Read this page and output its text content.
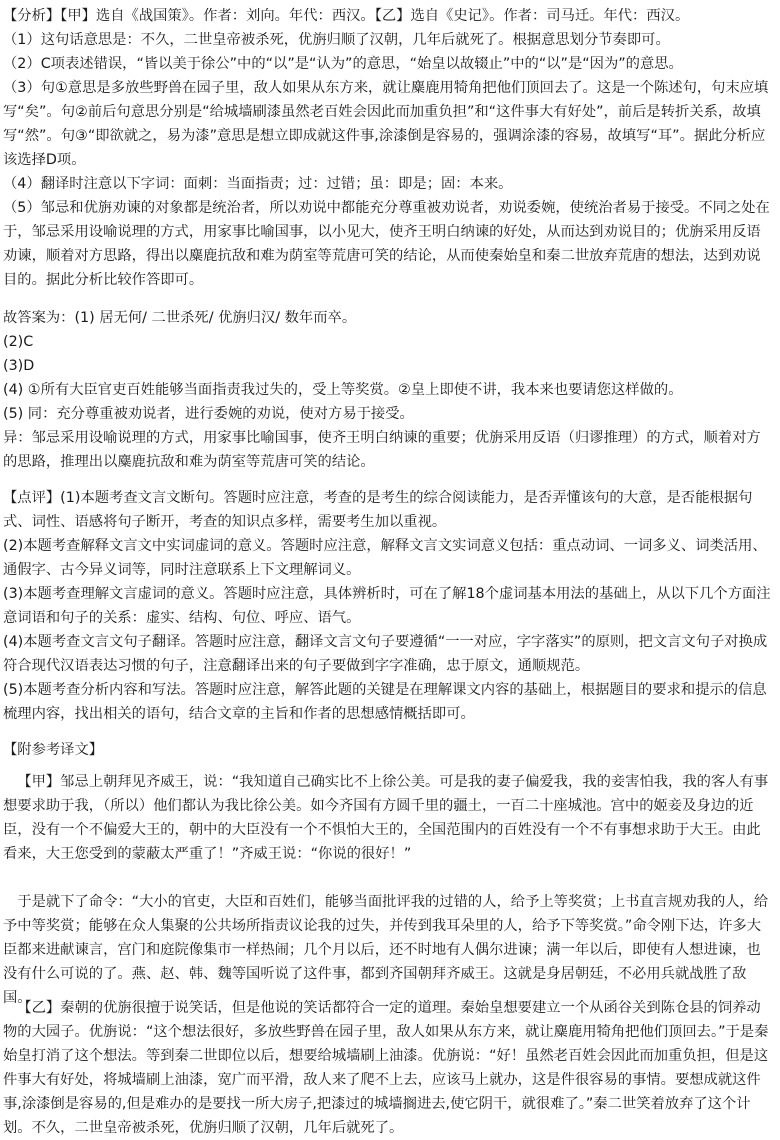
【分析】【甲】选自《战国策》。作者：刘向。年代：西汉。【乙】选自《史记》。作者：司马迁。年代：西汉。

（1）这句话意思是：不久，二世皇帝被杀死，优旃归顺了汉朝，几年后就死了。根据意思划分节奏即可。

（2）C项表述错误，“皆以美于徐公”中的“以”是“认为”的意思，“始皇以故辍止”中的“以”是“因为”的意思。

（3）句①意思是多放些野兽在园子里，敌人如果从东方来，就让麋鹿用犄角把他们顶回去了。这是一个陈述句，句末应填写“矣”。句②前后句意思分别是“给城墙刷漆虽然老百姓会因此而加重负担”和“这件事大有好处”，前后是转折关系，故填写“然”。句③“即欲就之，易为漆”意思是想立即成就这件事,涂漆倒是容易的，强调涂漆的容易，故填写“耳”。据此分析应该选择D项。

（4）翻译时注意以下字词：面刺：当面指责；过：过错；虽：即是；固：本来。

（5）邹忌和优旃劝谏的对象都是统治者，所以劝说中都能充分尊重被劝说者，劝说委婉，使统治者易于接受。不同之处在于，邹忌采用设喻说理的方式，用家事比喻国事，以小见大，使齐王明白纳谏的好处，从而达到劝说目的；优旃采用反语劝谏，顺着对方思路，得出以麋鹿抗敌和难为荫室等荒唐可笑的结论，从而使秦始皇和秦二世放弃荒唐的想法，达到劝说目的。据此分析比较作答即可。

故答案为：(1) 居无何/ 二世杀死/ 优旃归汉/ 数年而卒。

(2)C

(3)D

(4) ①所有大臣官吏百姓能够当面指责我过失的，受上等奖赏。②皇上即使不讲，我本来也要请您这样做的。

(5) 同：充分尊重被劝说者，进行委婉的劝说，使对方易于接受。

异：邹忌采用设喻说理的方式，用家事比喻国事，使齐王明白纳谏的重要；优旃采用反语（归谬推理）的方式，顺着对方的思路，推理出以麋鹿抗敌和难为荫室等荒唐可笑的结论。

【点评】(1)本题考查文言文断句。答题时应注意，考查的是考生的综合阅读能力，是否弄懂该句的大意，是否能根据句式、词性、语感将句子断开，考查的知识点多样，需要考生加以重视。

(2)本题考查解释文言文中实词虚词的意义。答题时应注意，解释文言文实词意义包括：重点动词、一词多义、词类活用、通假字、古今异义词等，同时注意联系上下文理解词义。

(3)本题考查理解文言虚词的意义。答题时应注意，具体辨析时，可在了解18个虚词基本用法的基础上，从以下几个方面注意词语和句子的关系：虚实、结构、句位、呼应、语气。

(4)本题考查文言文句子翻译。答题时应注意，翻译文言文句子要遵循“一一对应，字字落实”的原则，把文言文句子对换成符合现代汉语表达习惯的句子，注意翻译出来的句子要做到字字准确，忠于原文，通顺规范。

(5)本题考查分析内容和写法。答题时应注意，解答此题的关键是在理解课文内容的基础上，根据题目的要求和提示的信息梳理内容，找出相关的语句，结合文章的主旨和作者的思想感情概括即可。

【附参考译文】

【甲】邹忌上朝拜见齐威王，说：“我知道自己确实比不上徐公美。可是我的妻子偏爱我，我的妾害怕我，我的客人有事想要求助于我，（所以）他们都认为我比徐公美。如今齐国有方圆千里的疆土，一百二十座城池。宫中的姬妾及身边的近臣，没有一个不偏爱大王的，朝中的大臣没有一个不惧怕大王的，全国范围内的百姓没有一个不有事想求助于大王。由此看来，大王您受到的蒙蔽太严重了！”齐威王说：“你说的很好！”

于是就下了命令：“大小的官吏，大臣和百姓们，能够当面批评我的过错的人，给予上等奖赏；上书直言规劝我的人，给予中等奖赏；能够在众人集聚的公共场所指责议论我的过失，并传到我耳朵里的人，给予下等奖赏。”命令刚下达，许多大臣都来进献谏言，宫门和庭院像集市一样热闹；几个月以后，还不时地有人偶尔进谏；满一年以后，即使有人想进谏，也没有什么可说的了。燕、赵、韩、魏等国听说了这件事，都到齐国朝拜齐威王。这就是身居朝廷，不必用兵就战胜了敌国。

【乙】秦朝的优旃很擅于说笑话，但是他说的笑话都符合一定的道理。秦始皇想要建立一个从函谷关到陈仓县的饲养动物的大园子。优旃说：“这个想法很好，多放些野兽在园子里，敌人如果从东方来，就让麋鹿用犄角把他们顶回去。”于是秦始皇打消了这个想法。等到秦二世即位以后，想要给城墙刷上油漆。优旃说：“好！虽然老百姓会因此而加重负担，但是这件事大有好处，将城墙刷上油漆，宽广而平滑，敌人来了爬不上去，应该马上就办，这是件很容易的事情。要想成就这件事,涂漆倒是容易的,但是难办的是要找一所大房子,把漆过的城墙搁进去,使它阴干，就很难了。”秦二世笑着放弃了这个计划。不久，二世皇帝被杀死，优旃归顺了汉朝，几年后就死了。
